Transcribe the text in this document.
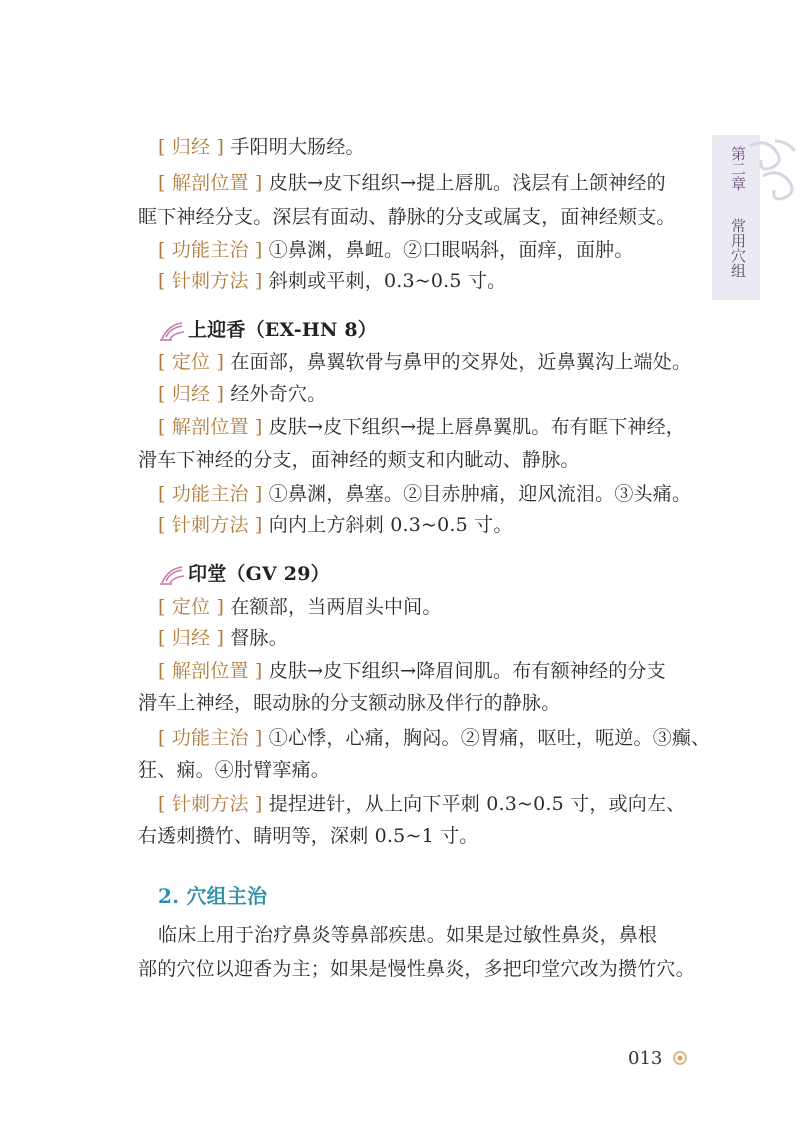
第二章
常用穴组
[ 归经 ] 手阳明大肠经。
[ 解剖位置 ] 皮肤→皮下组织→提上唇肌。浅层有上颌神经的
眶下神经分支。深层有面动、静脉的分支或属支，面神经颊支。
[ 功能主治 ] ①鼻渊，鼻衄。②口眼㖞斜，面痒，面肿。
[ 针刺方法 ] 斜刺或平刺，0.3~0.5 寸。
上迎香（EX-HN 8）
[ 定位 ] 在面部，鼻翼软骨与鼻甲的交界处，近鼻翼沟上端处。
[ 归经 ] 经外奇穴。
[ 解剖位置 ] 皮肤→皮下组织→提上唇鼻翼肌。布有眶下神经，
滑车下神经的分支，面神经的颊支和内眦动、静脉。
[ 功能主治 ] ①鼻渊，鼻塞。②目赤肿痛，迎风流泪。③头痛。
[ 针刺方法 ] 向内上方斜刺 0.3~0.5 寸。
印堂（GV 29）
[ 定位 ] 在额部，当两眉头中间。
[ 归经 ] 督脉。
[ 解剖位置 ] 皮肤→皮下组织→降眉间肌。布有额神经的分支
滑车上神经，眼动脉的分支额动脉及伴行的静脉。
[ 功能主治 ] ①心悸，心痛，胸闷。②胃痛，呕吐，呃逆。③癫、
狂、痫。④肘臂挛痛。
[ 针刺方法 ] 提捏进针，从上向下平刺 0.3~0.5 寸，或向左、
右透刺攒竹、睛明等，深刺 0.5~1 寸。
2. 穴组主治
临床上用于治疗鼻炎等鼻部疾患。如果是过敏性鼻炎，鼻根
部的穴位以迎香为主；如果是慢性鼻炎，多把印堂穴改为攒竹穴。
013
